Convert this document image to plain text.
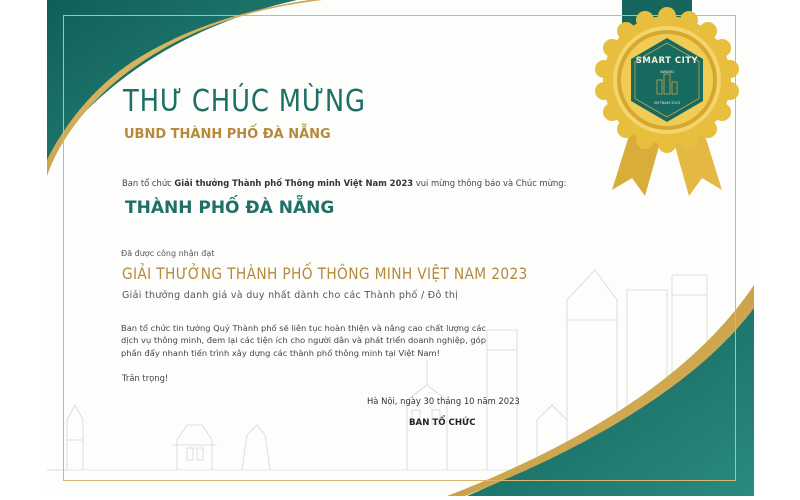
THƯ CHÚC MỪNG
UBND THÀNH PHỐ ĐÀ NẴNG
Ban tổ chức Giải thưởng Thành phố Thông minh Việt Nam 2023 vui mừng thông báo và Chúc mừng:
THÀNH PHỐ ĐÀ NẴNG
Đã được công nhận đạt
GIẢI THƯỞNG THÀNH PHỐ THÔNG MINH VIỆT NAM 2023
Giải thưởng danh giá và duy nhất dành cho các Thành phố / Đô thị
Ban tổ chức tin tưởng Quý Thành phố sẽ liên tục hoàn thiện và nâng cao chất lượng các dịch vụ thông minh, đem lại các tiện ích cho người dân và phát triển doanh nghiệp, góp phần đẩy nhanh tiến trình xây dựng các thành phố thông minh tại Việt Nam!
Trân trọng!
Hà Nội, ngày 30 tháng 10 năm 2023
BAN TỔ CHỨC
SMART CITY
AWARD
VIETNAM 2023
